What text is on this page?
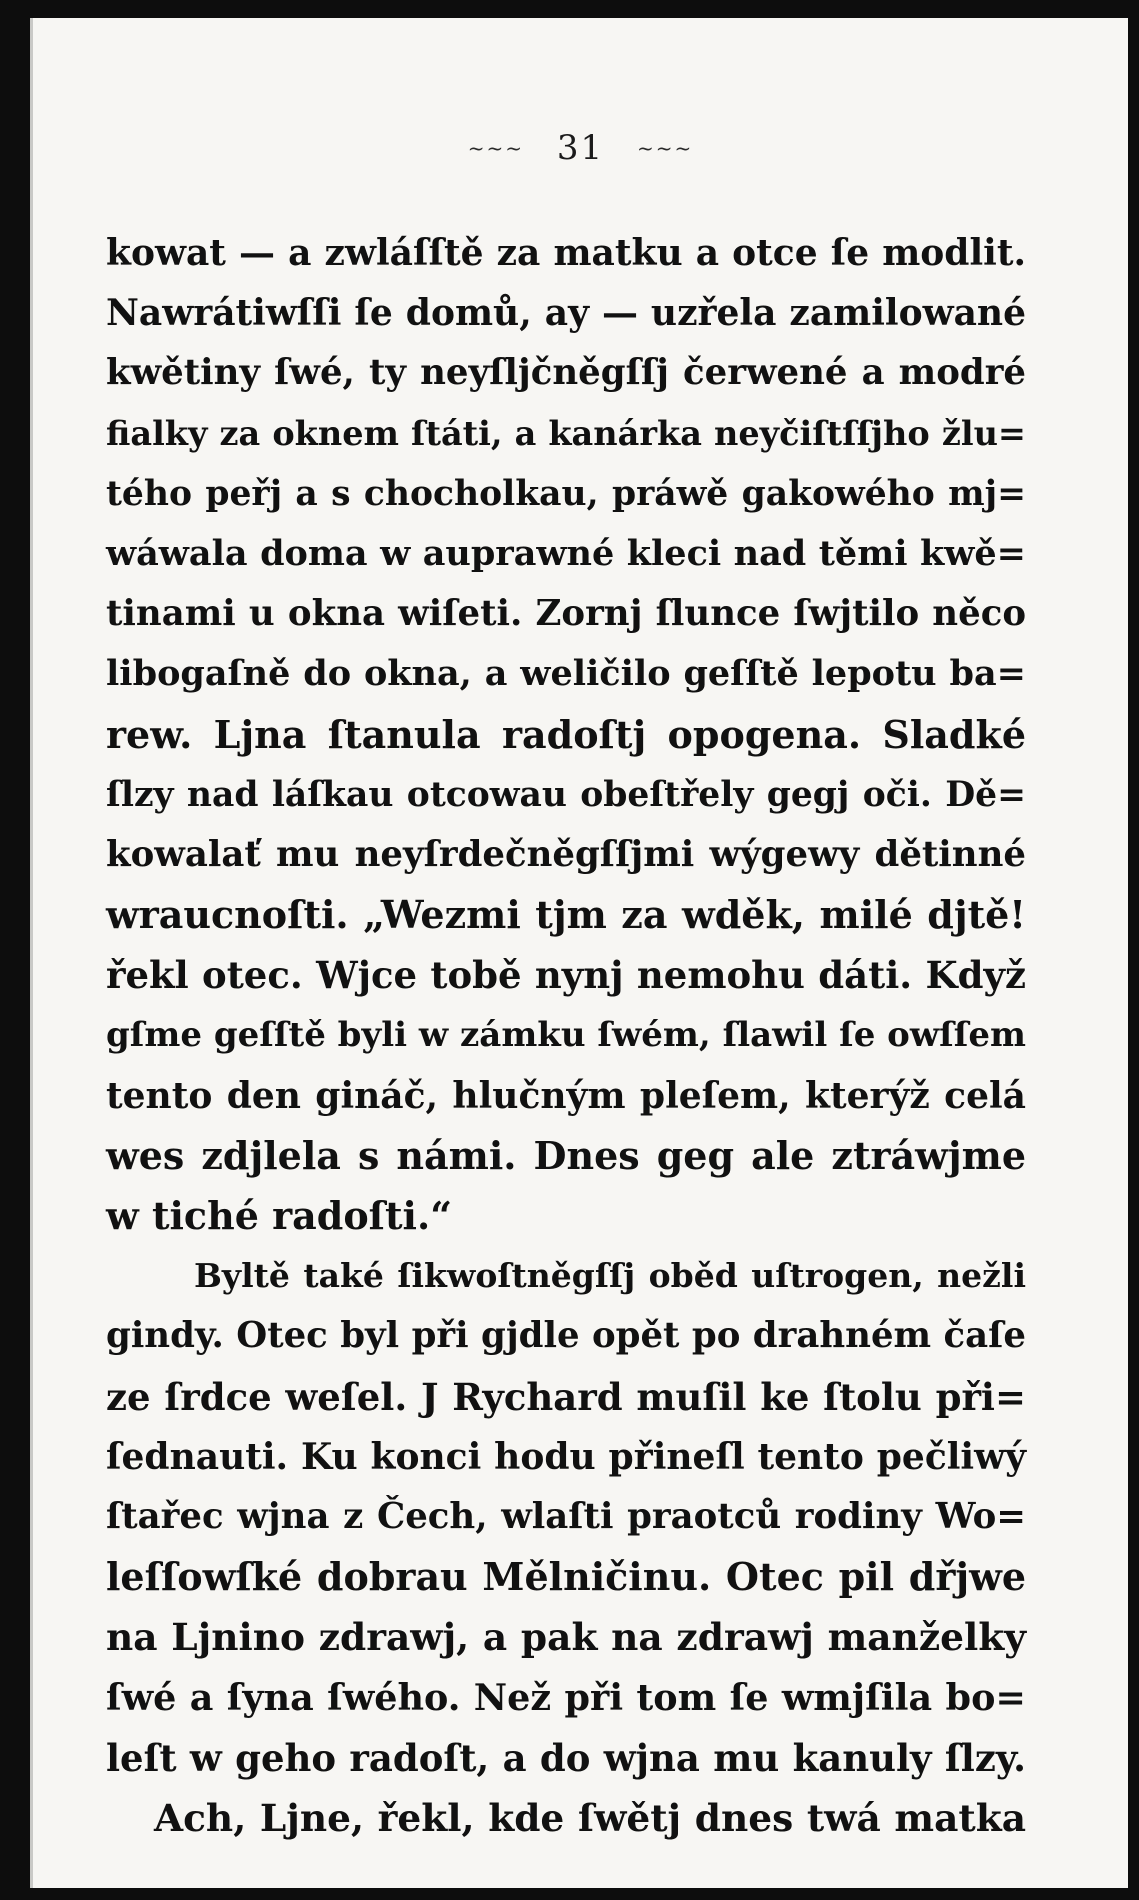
~~~ 31 ~~~
kowat — a zwláſſtě za matku a otce ſe modlit.
Nawrátiwſſi ſe domů, ay — uzřela zamilowané
kwětiny ſwé, ty neyſljčněgſſj čerwené a modré
fialky za oknem ſtáti, a kanárka neyčiſtſſjho žlu=
tého peřj a s chocholkau, práwě gakowého mj=
wáwala doma w auprawné kleci nad těmi kwě=
tinami u okna wiſeti. Zornj ſlunce ſwjtilo něco
libogaſně do okna, a weličilo geſſtě lepotu ba=
rew. Ljna ſtanula radoſtj opogena. Sladké
ſlzy nad láſkau otcowau obeſtřely gegj oči. Dě=
kowalať mu neyſrdečněgſſjmi wýgewy dětinné
wraucnoſti. „Wezmi tjm za wděk, milé djtě!
řekl otec. Wjce tobě nynj nemohu dáti. Když
gſme geſſtě byli w zámku ſwém, ſlawil ſe owſſem
tento den gináč, hlučným pleſem, kterýž celá
wes zdjlela s námi. Dnes geg ale ztráwjme
w tiché radoſti.“
Byltě také ſikwoſtněgſſj oběd uſtrogen, nežli
gindy. Otec byl při gjdle opět po drahném čaſe
ze ſrdce weſel. J Rychard muſil ke ſtolu při=
ſednauti. Ku konci hodu přineſl tento pečliwý
ſtařec wjna z Čech, wlaſti praotců rodiny Wo=
leſſowſké dobrau Mělničinu. Otec pil dřjwe
na Ljnino zdrawj, a pak na zdrawj manželky
ſwé a ſyna ſwého. Než při tom ſe wmjſila bo=
leſt w geho radoſt, a do wjna mu kanuly ſlzy.
Ach, Ljne, řekl, kde ſwětj dnes twá matka
